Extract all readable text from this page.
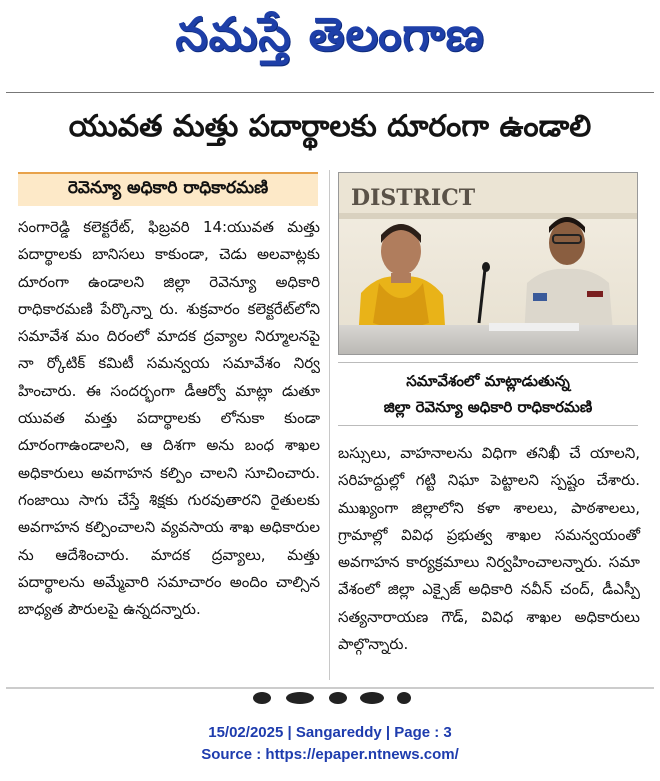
నమస్తే తెలంగాణ
యువత మత్తు పదార్థాలకు దూరంగా ఉండాలి
రెవెన్యూ అధికారి రాధికారమణి
సంగారెడ్డి కలెక్టరేట్, ఫిబ్రవరి 14:యువత మత్తు పదార్థాలకు బానిసలు కాకుండా, చెడు అలవాట్లకు దూరంగా ఉండాలని జిల్లా రెవెన్యూ అధికారి రాధికారమణి పేర్కొన్నా రు. శుక్రవారం కలెక్టరేట్‌లోని సమావేశ మం దిరంలో మాదక ద్రవ్యాల నిర్మూలనపై నా ర్కోటిక్ కమిటీ సమన్వయ సమావేశం నిర్వ హించారు. ఈ సందర్భంగా డీఆర్వో మాట్లా డుతూ యువత మత్తు పదార్థాలకు లోనుకా కుండా దూరంగాఉండాలని, ఆ దిశగా అను బంధ శాఖల అధికారులు అవగాహన కల్పిం చాలని సూచించారు. గంజాయి సాగు చేస్తే శిక్షకు గురవుతారని రైతులకు అవగాహన కల్పించాలని వ్యవసాయ శాఖ అధికారుల ను ఆదేశించారు. మాదక ద్రవ్యాలు, మత్తు పదార్థాలను అమ్మేవారి సమాచారం అందిం చాల్సిన బాధ్యత పౌరులపై ఉన్నదన్నారు.
DISTRICT
సమావేశంలో మాట్లాడుతున్న
జిల్లా రెవెన్యూ అధికారి రాధికారమణి
బస్సులు, వాహనాలను విధిగా తనిఖీ చే యాలని, సరిహద్దుల్లో గట్టి నిఘా పెట్టాలని స్పష్టం చేశారు. ముఖ్యంగా జిల్లాలోని కళా శాలలు, పాఠశాలలు, గ్రామాల్లో వివిధ ప్రభుత్వ శాఖల సమన్వయంతో అవగాహన కార్యక్రమాలు నిర్వహించాలన్నారు. సమా వేశంలో జిల్లా ఎక్సైజ్ అధికారి నవీన్ చంద్, డీఎస్పీ సత్యనారాయణ గౌడ్, వివిధ శాఖల అధికారులు పాల్గొన్నారు.
15/02/2025 | Sangareddy | Page : 3
Source : https://epaper.ntnews.com/
